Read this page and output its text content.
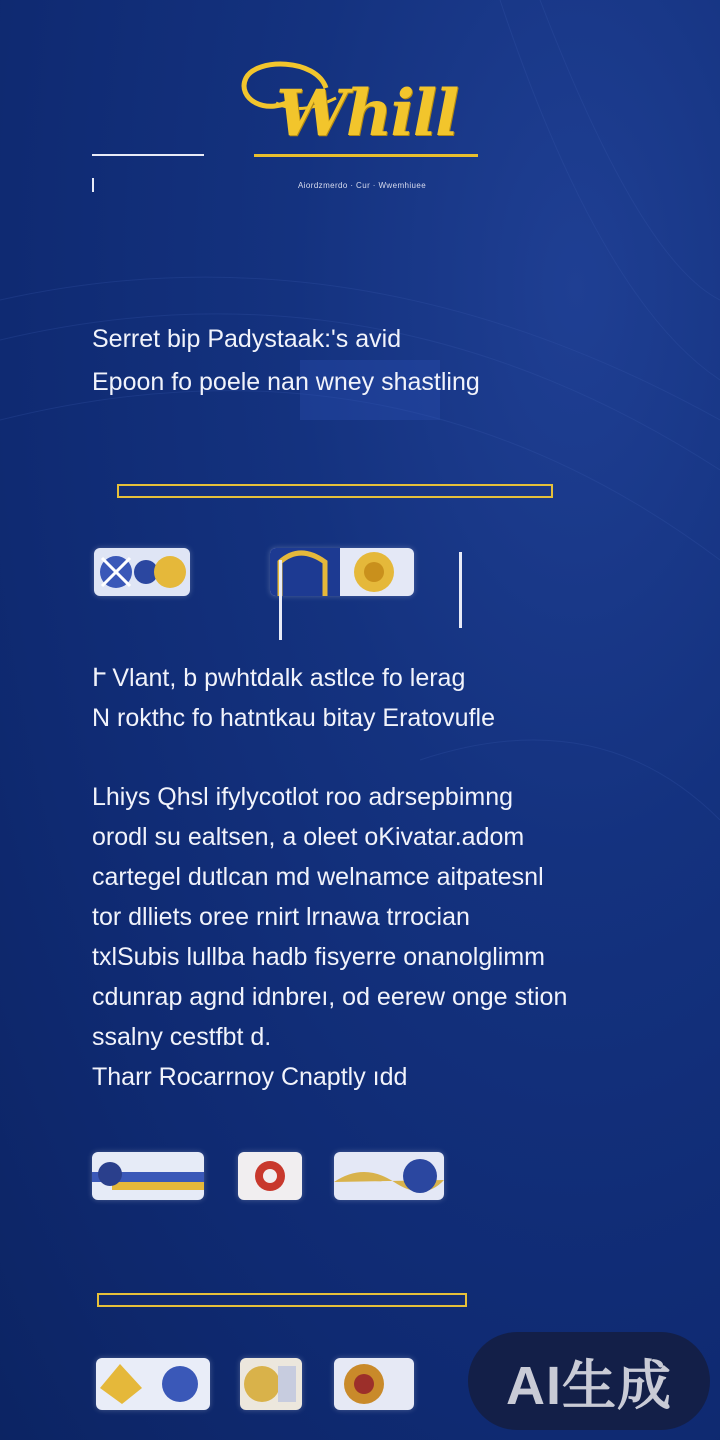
Whill
Aiordzmerdo · Cur · Wwemhiuee
Serret bip Padystaak:'s avid
Epoon fo poele nan wney shastling
Ւ Vlant, b pwhtdalk astlce fo lerag
N rokthc fo hatntkau bitay Eratovufle
Lhiys Qhsl ifylycotlot roo adrsepbimng
orodl su ealtsen, a oleet oKivatar.adom
cartegel dutlcan md welnamce aitpatesnl
tor dlliets oree rnirt lrnawa trrocian
txlSubis lullba hadb fisyerre onanolglimm
cdunrap agnd idnbreı, od eerew onge stion
ssalny cestfbt d.
Tharr Rocarrnoy Cnaptly ıdd
AI生成
